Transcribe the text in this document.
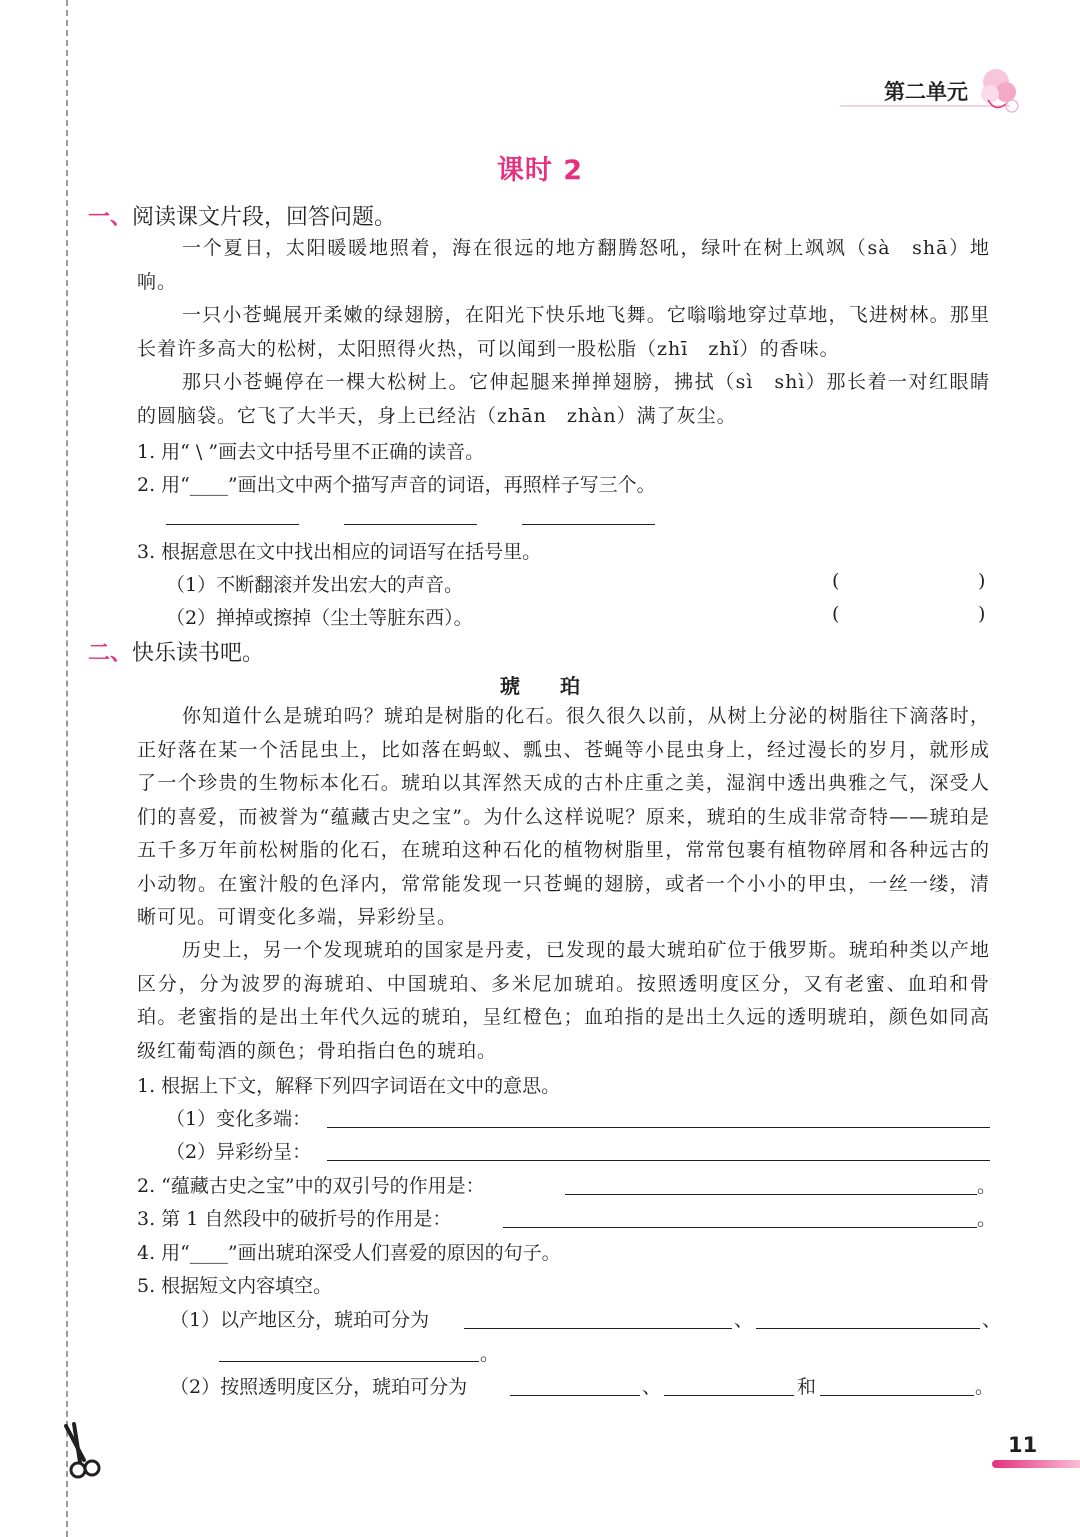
第二单元
课时 2
一、阅读课文片段，回答问题。
一个夏日，太阳暖暖地照着，海在很远的地方翻腾怒吼，绿叶在树上飒飒（sà　shā）地响。
一只小苍蝇展开柔嫩的绿翅膀，在阳光下快乐地飞舞。它嗡嗡地穿过草地，飞进树林。那里长着许多高大的松树，太阳照得火热，可以闻到一股松脂（zhī　zhǐ）的香味。
那只小苍蝇停在一棵大松树上。它伸起腿来掸掸翅膀，拂拭（sì　shì）那长着一对红眼睛的圆脑袋。它飞了大半天，身上已经沾（zhān　zhàn）满了灰尘。
1. 用“ \ ”画去文中括号里不正确的读音。
2. 用“____”画出文中两个描写声音的词语，再照样子写三个。
3. 根据意思在文中找出相应的词语写在括号里。
（1）不断翻滚并发出宏大的声音。	(	)
（2）掸掉或擦掉（尘土等脏东西）。	(	)
二、快乐读书吧。
琥珀
你知道什么是琥珀吗？琥珀是树脂的化石。很久很久以前，从树上分泌的树脂往下滴落时，正好落在某一个活昆虫上，比如落在蚂蚁、瓢虫、苍蝇等小昆虫身上，经过漫长的岁月，就形成了一个珍贵的生物标本化石。琥珀以其浑然天成的古朴庄重之美，湿润中透出典雅之气，深受人们的喜爱，而被誉为“蕴藏古史之宝”。为什么这样说呢？原来，琥珀的生成非常奇特——琥珀是五千多万年前松树脂的化石，在琥珀这种石化的植物树脂里，常常包裹有植物碎屑和各种远古的小动物。在蜜汁般的色泽内，常常能发现一只苍蝇的翅膀，或者一个小小的甲虫，一丝一缕，清晰可见。可谓变化多端，异彩纷呈。
历史上，另一个发现琥珀的国家是丹麦，已发现的最大琥珀矿位于俄罗斯。琥珀种类以产地区分，分为波罗的海琥珀、中国琥珀、多米尼加琥珀。按照透明度区分，又有老蜜、血珀和骨珀。老蜜指的是出土年代久远的琥珀，呈红橙色；血珀指的是出土久远的透明琥珀，颜色如同高级红葡萄酒的颜色；骨珀指白色的琥珀。
1. 根据上下文，解释下列四字词语在文中的意思。
（1）变化多端：
（2）异彩纷呈：
2. “蕴藏古史之宝”中的双引号的作用是：	。
3. 第 1 自然段中的破折号的作用是：	。
4. 用“____”画出琥珀深受人们喜爱的原因的句子。
5. 根据短文内容填空。
（1）以产地区分，琥珀可分为	、	、
。
（2）按照透明度区分，琥珀可分为	、	和	。
11
